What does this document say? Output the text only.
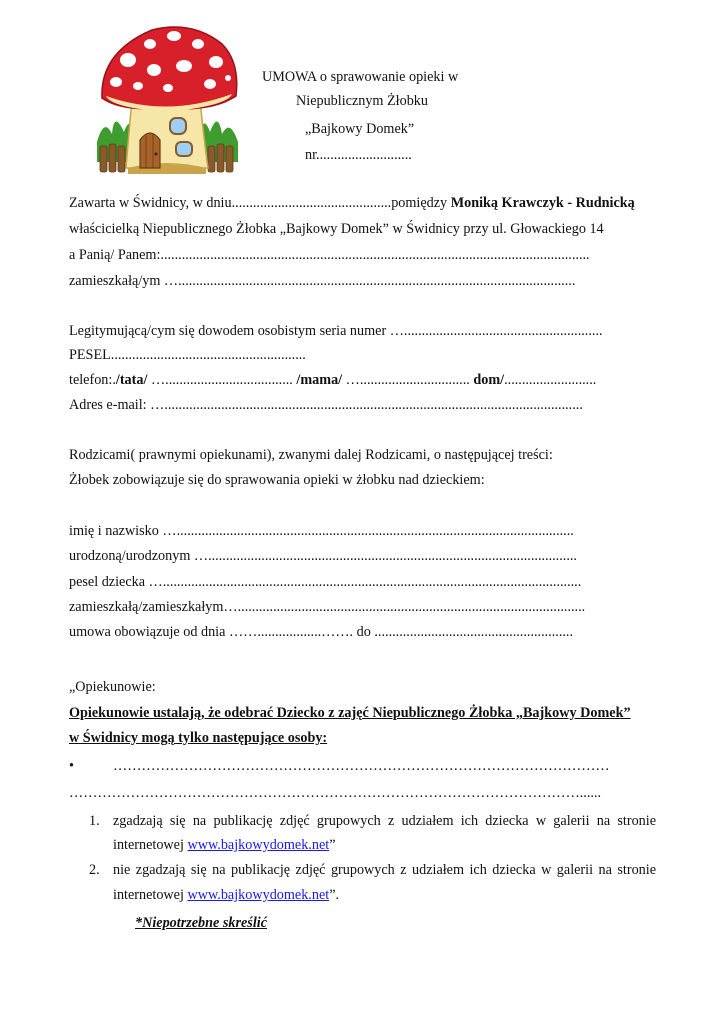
UMOWA o sprawowanie opieki w
Niepublicznym Żłobku
„Bajkowy Domek”
nr...........................
Zawarta w Świdnicy, w dniu.............................................pomiędzy Moniką Krawczyk - Rudnicką
właścicielką Niepublicznego Żłobka „Bajkowy Domek” w Świdnicy przy ul. Głowackiego 14
a Panią/ Panem:.........................................................................................................................
zamieszkałą/ym …................................................................................................................
Legitymującą/cym się dowodem osobistym seria numer …........................................................
PESEL.......................................................
telefon:./tata/ ….................................... /mama/ …............................... dom/..........................
Adres e-mail: …......................................................................................................................
Rodzicami( prawnymi opiekunami), zwanymi dalej Rodzicami, o następującej treści:
Żłobek zobowiązuje się do sprawowania opieki w żłobku nad dzieckiem:
imię i nazwisko …................................................................................................................
urodzoną/urodzonym …........................................................................................................
pesel dziecka …......................................................................................................................
zamieszkałą/zamieszkałym…..................................................................................................
umowa obowiązuje od dnia ……..................……. do ........................................................
„Opiekunowie:
Opiekunowie ustalają, że odebrać Dziecko z zajęć Niepublicznego Żłobka „Bajkowy Domek”
w Świdnicy mogą tylko następujące osoby:
•	……………………………………………………………………………………………
………………………………………………………………………………………………......
1. zgadzają się na publikację zdjęć grupowych z udziałem ich dziecka w galerii na stronie
internetowej www.bajkowydomek.net”
2. nie zgadzają się na publikację zdjęć grupowych z udziałem ich dziecka w galerii na stronie
internetowej www.bajkowydomek.net”.
*Niepotrzebne skreślić
